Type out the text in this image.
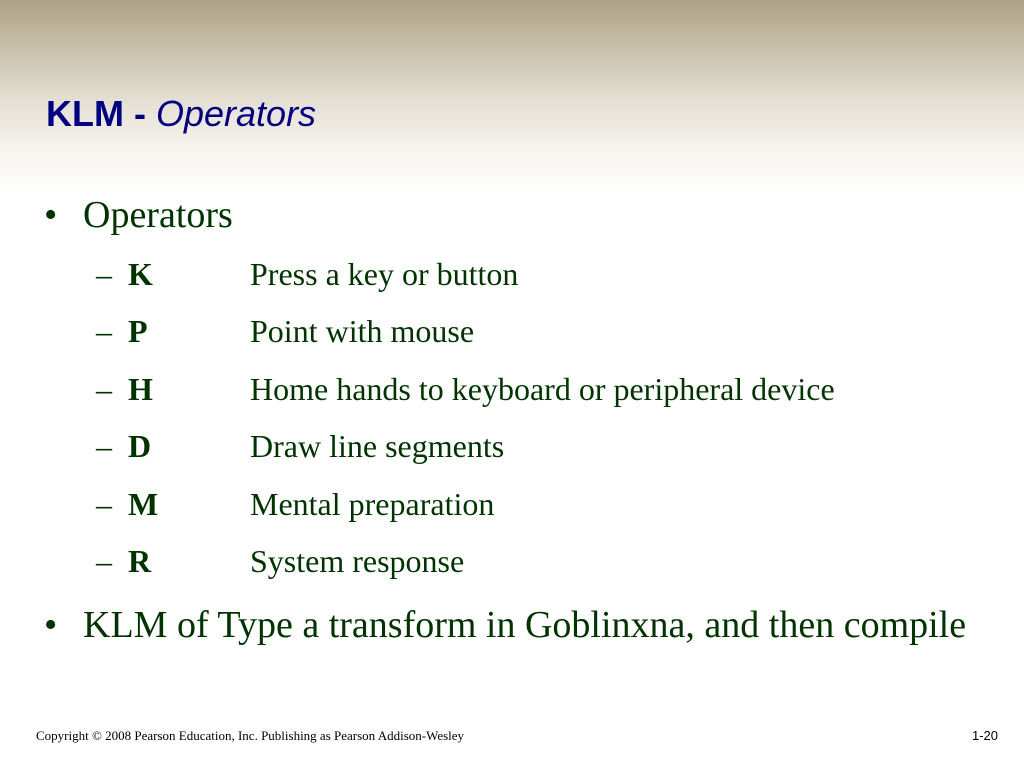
KLM - Operators
• Operators
– K	Press a key or button
– P	Point with mouse
– H	Home hands to keyboard or peripheral device
– D	Draw line segments
– M	Mental preparation
– R	System response
• KLM of Type a transform in Goblinxna, and then compile
Copyright © 2008 Pearson Education, Inc. Publishing as Pearson Addison-Wesley	1-20
